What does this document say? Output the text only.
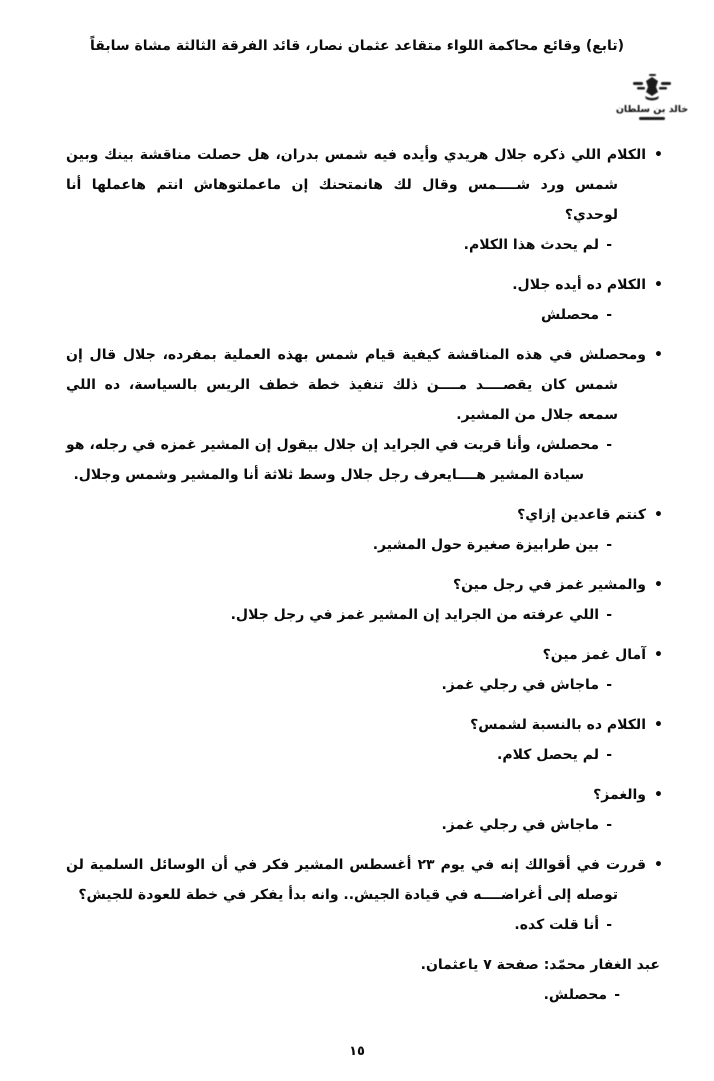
(تابع) وقائع محاكمة اللواء متقاعد عثمان نصار، قائد الفرقة الثالثة مشاة سابقاً
خالد بن سلطان
•
الكلام اللي ذكره جلال هريدي وأيده فيه شمس بدران، هل حصلت مناقشة بينك وبين شمس ورد شــــمس وقال لك هانمتحنك إن ماعملتوهاش انتم هاعملها أنا لوحدي؟
-
لم يحدث هذا الكلام.
•
الكلام ده أيده جلال.
-
محصلش
•
ومحصلش في هذه المناقشة كيفية قيام شمس بهذه العملية بمفرده، جلال قال إن شمس كان يقصــــد مــــن ذلك تنفيذ خطة خطف الريس بالسياسة، ده اللي سمعه جلال من المشير.
-
محصلش، وأنا قريت في الجرايد إن جلال بيقول إن المشير غمزه في رجله، هو سيادة المشير هــــايعرف رجل جلال وسط ثلاثة أنا والمشير وشمس وجلال.
•
كنتم قاعدين إزاي؟
-
بين طرابيزة صغيرة حول المشير.
•
والمشير غمز في رجل مين؟
-
اللي عرفته من الجرايد إن المشير غمز في رجل جلال.
•
آمال غمز مين؟
-
ماجاش في رجلي غمز.
•
الكلام ده بالنسبة لشمس؟
-
لم يحصل كلام.
•
والغمز؟
-
ماجاش في رجلي غمز.
•
قررت في أقوالك إنه في يوم ٢٣ أغسطس المشير فكر في أن الوسائل السلمية لن توصله إلى أغراضــــه في قيادة الجيش.. وانه بدأ يفكر في خطة للعودة للجيش؟
-
أنا قلت كده.
عبد الغفار محمّد: صفحة ٧ ياعثمان.
-
محصلش.
١٥
